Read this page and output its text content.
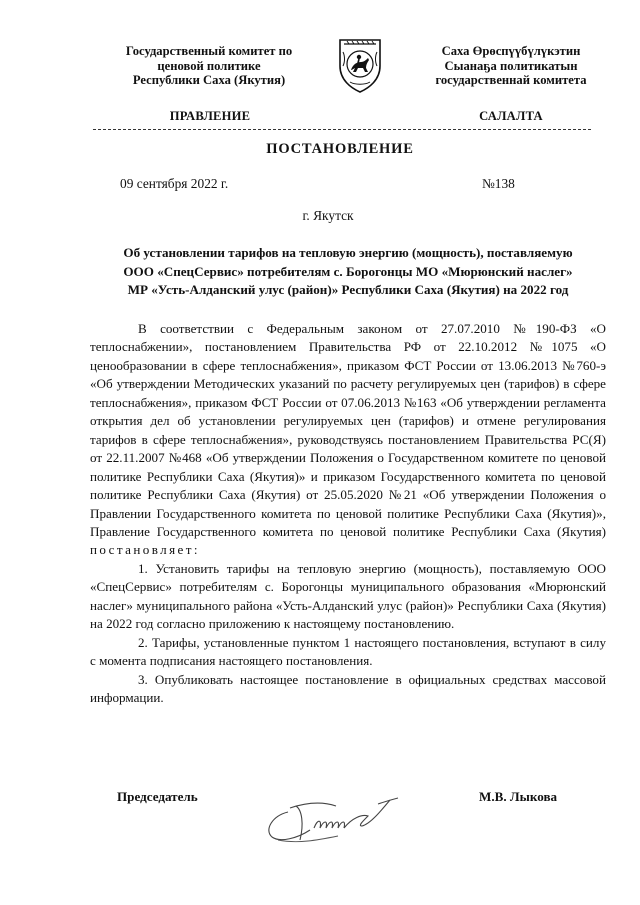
Государственный комитет по
ценовой политике
Республики Саха (Якутия)
Саха Өрөспүүбүлүкэтин
Сыанаҕа политикатын
государственнай комитета
ПРАВЛЕНИЕ	САЛАЛТА
ПОСТАНОВЛЕНИЕ
09 сентября 2022 г.	№138
г. Якутск
Об установлении тарифов на тепловую энергию (мощность), поставляемую
ООО «СпецСервис» потребителям с. Борогонцы МО «Мюрюнский наслег»
МР «Усть-Алданский улус (район)» Республики Саха (Якутия) на 2022 год

В соответствии с Федеральным законом от 27.07.2010 №190-ФЗ «О теплоснабжении», постановлением Правительства РФ от 22.10.2012 №1075 «О ценообразовании в сфере теплоснабжения», приказом ФСТ России от 13.06.2013 №760-э «Об утверждении Методических указаний по расчету регулируемых цен (тарифов) в сфере теплоснабжения», приказом ФСТ России от 07.06.2013 №163 «Об утверждении регламента открытия дел об установлении регулируемых цен (тарифов) и отмене регулирования тарифов в сфере теплоснабжения», руководствуясь постановлением Правительства РС(Я) от 22.11.2007 №468 «Об утверждении Положения о Государственном комитете по ценовой политике Республики Саха (Якутия)» и приказом Государственного комитета по ценовой политике Республики Саха (Якутия) от 25.05.2020 №21 «Об утверждении Положения о Правлении Государственного комитета по ценовой политике Республики Саха (Якутия)», Правление Государственного комитета по ценовой политике Республики Саха (Якутия) постановляет:

1. Установить тарифы на тепловую энергию (мощность), поставляемую ООО «СпецСервис» потребителям с. Борогонцы муниципального образования «Мюрюнский наслег» муниципального района «Усть-Алданский улус (район)» Республики Саха (Якутия) на 2022 год согласно приложению к настоящему постановлению.

2. Тарифы, установленные пунктом 1 настоящего постановления, вступают в силу с момента подписания настоящего постановления.

3. Опубликовать настоящее постановление в официальных средствах массовой информации.

Председатель	М.В. Лыкова
